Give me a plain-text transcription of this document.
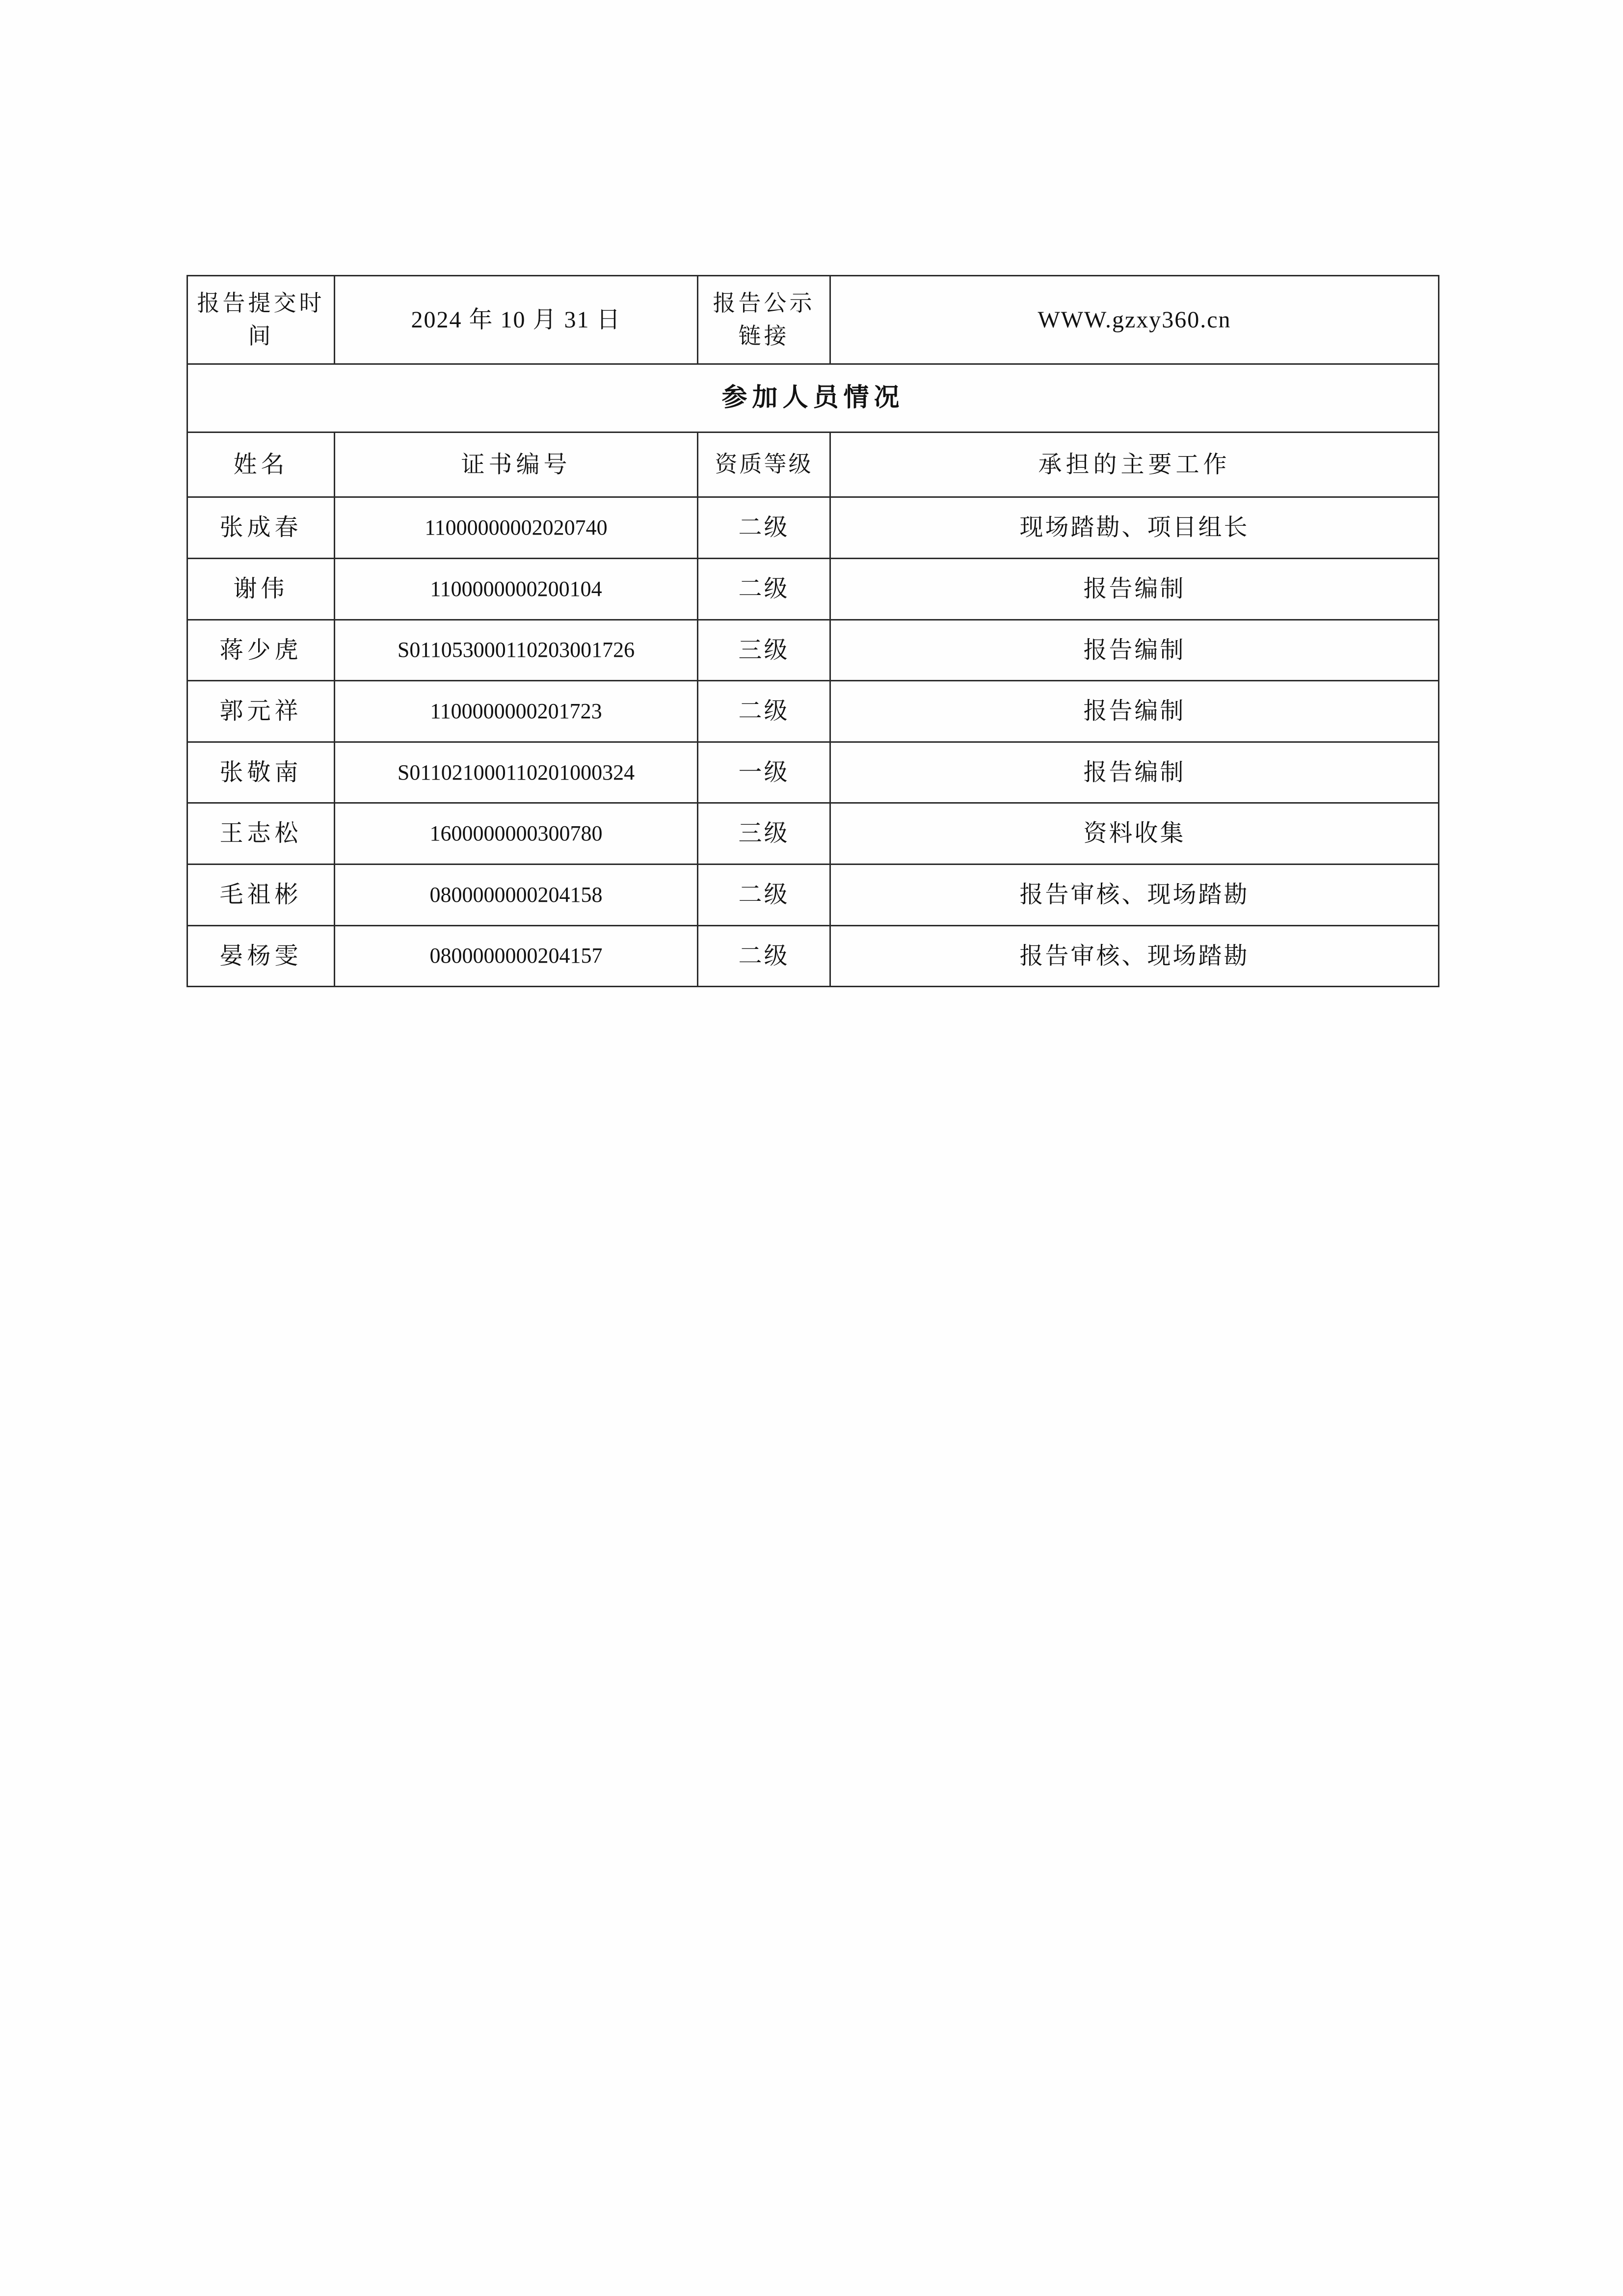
报告提交时间	2024 年 10 月 31 日	报告公示链接	WWW.gzxy360.cn

参加人员情况			

姓名	证书编号	资质等级	承担的主要工作

张成春	11000000002020740	二级	现场踏勘、项目组长

谢伟	1100000000200104	二级	报告编制

蒋少虎	S011053000110203001726	三级	报告编制

郭元祥	1100000000201723	二级	报告编制

张敬南	S011021000110201000324	一级	报告编制

王志松	1600000000300780	三级	资料收集

毛祖彬	0800000000204158	二级	报告审核、现场踏勘

晏杨雯	0800000000204157	二级	报告审核、现场踏勘
